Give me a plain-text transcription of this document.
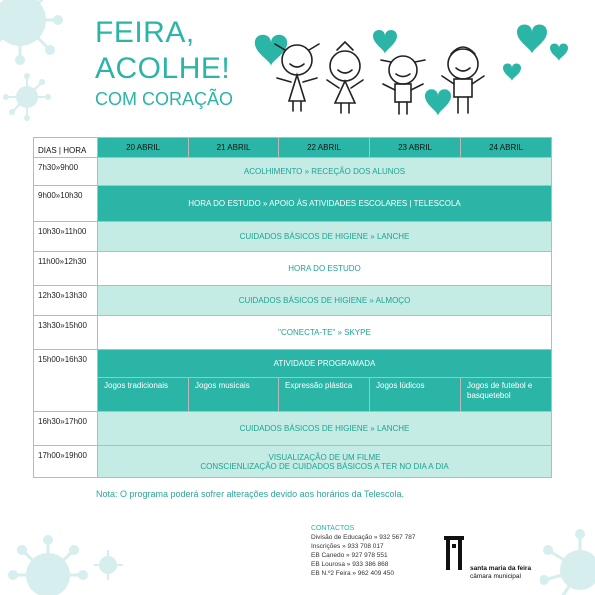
FEIRA,
ACOLHE!
COM CORAÇÃO
DIAS | HORA	20 ABRIL	21 ABRIL	22 ABRIL	23 ABRIL	24 ABRIL
7h30»9h00	ACOLHIMENTO » RECEÇÃO DOS ALUNOS				
9h00»10h30	HORA DO ESTUDO » APOIO ÀS ATIVIDADES ESCOLARES | TELESCOLA				
10h30»11h00	CUIDADOS BÁSICOS DE HIGIENE » LANCHE				
11h00»12h30	HORA DO ESTUDO				
12h30»13h30	CUIDADOS BÁSICOS DE HIGIENE » ALMOÇO				
13h30»15h00	"CONECTA-TE" » SKYPE				
15h00»16h30	ATIVIDADE PROGRAMADA				
	Jogos tradicionais	Jogos musicais	Expressão plástica	Jogos lúdicos	Jogos de futebol e basquetebol
16h30»17h00	CUIDADOS BÁSICOS DE HIGIENE » LANCHE				
17h00»19h00	VISUALIZAÇÃO DE UM FILME
CONSCIENLIZAÇÃO DE CUIDADOS BÁSICOS A TER NO DIA A DIA				
Nota: O programa poderá sofrer alterações devido aos horários da Telescola.
CONTACTOS
Divisão de Educação » 932 567 787
Inscrições » 933 708 017
EB Canedo » 927 978 551
EB Lourosa » 933 386 868
EB N.º2 Feira » 962 409 450
santa maria da feira
câmara municipal
